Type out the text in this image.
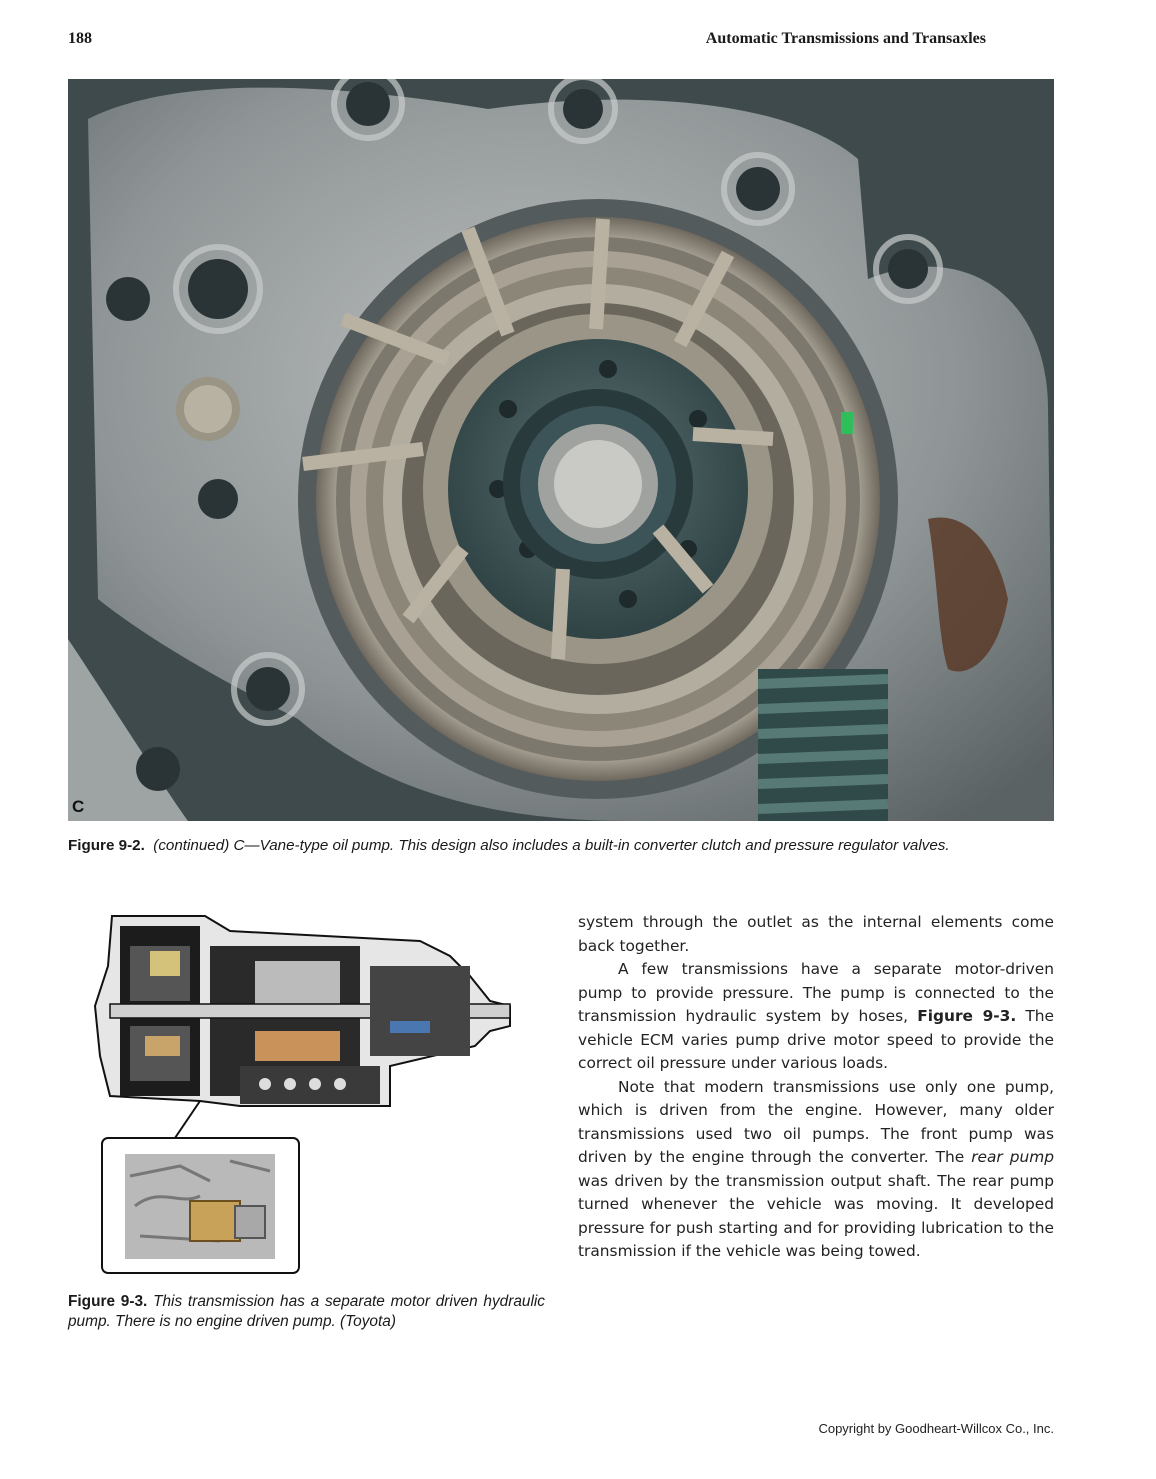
188	Automatic Transmissions and Transaxles
C
Figure 9-2. (continued) C—Vane-type oil pump. This design also includes a built-in converter clutch and pressure regulator valves.
Figure 9-3. This transmission has a separate motor driven hydraulic pump. There is no engine driven pump. (Toyota)

system through the outlet as the internal elements come back together.

A few transmissions have a separate motor-driven pump to provide pressure. The pump is connected to the transmission hydraulic system by hoses, Figure 9-3. The vehicle ECM varies pump drive motor speed to provide the correct oil pressure under various loads.

Note that modern transmissions use only one pump, which is driven from the engine. However, many older transmissions used two oil pumps. The front pump was driven by the engine through the converter. The rear pump was driven by the transmission output shaft. The rear pump turned whenever the vehicle was moving. It developed pressure for push starting and for providing lubrication to the transmission if the vehicle was being towed.

Copyright by Goodheart-Willcox Co., Inc.
